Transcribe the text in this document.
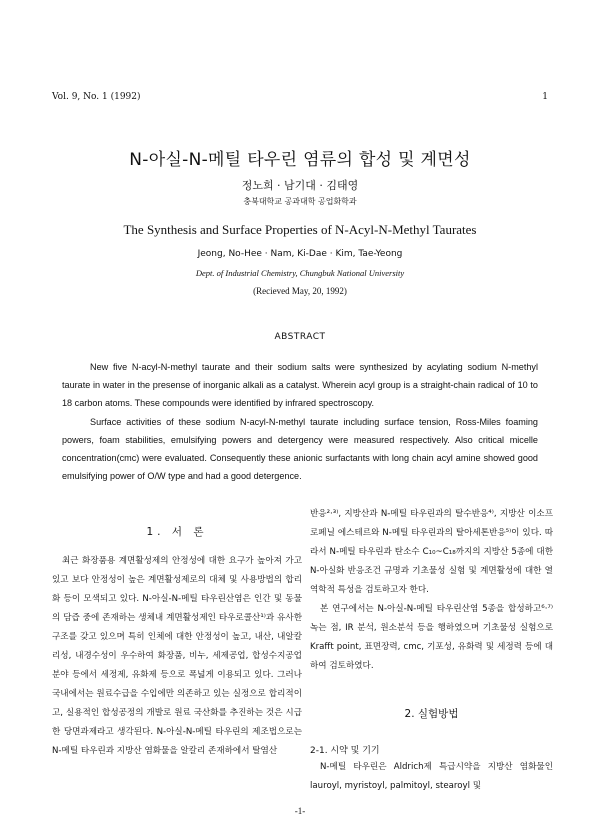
Vol. 9, No. 1 (1992)	1
N-아실-N-메틸 타우린 염류의 합성 및 계면성
정노희 · 남기대 · 김태영
충북대학교 공과대학 공업화학과
The Synthesis and Surface Properties of N-Acyl-N-Methyl Taurates
Jeong, No-Hee · Nam, Ki-Dae · Kim, Tae-Yeong
Dept. of Industrial Chemistry, Chungbuk National University
(Recieved May, 20, 1992)
ABSTRACT

New five N-acyl-N-methyl taurate and their sodium salts were synthesized by acylating sodium N-methyl taurate in water in the presense of inorganic alkali as a catalyst. Wherein acyl group is a straight-chain radical of 10 to 18 carbon atoms. These compounds were identified by infrared spectroscopy.

Surface activities of these sodium N-acyl-N-methyl taurate including surface tension, Ross-Miles foaming powers, foam stabilities, emulsifying powers and detergency were measured respectively. Also critical micelle concentration(cmc) were evaluated. Consequently these anionic surfactants with long chain acyl amine showed good emulsifying power of O/W type and had a good detergence.

1. 서 론

최근 화장품용 계면활성제의 안정성에 대한 요구가 높아져 가고 있고 보다 안정성이 높은 계면활성제로의 대체 및 사용방법의 합리화 등이 모색되고 있다. N-아실-N-메틸 타우린산염은 인간 및 동물의 담즙 중에 존재하는 생체내 계면활성제인 타우로콜산¹⁾과 유사한 구조를 갖고 있으며 특히 인체에 대한 안정성이 높고, 내산, 내알칼리성, 내경수성이 우수하여 화장품, 비누, 세제공업, 합성수지공업 분야 등에서 세정제, 유화제 등으로 폭넓게 이용되고 있다. 그러나 국내에서는 원료수급을 수입에만 의존하고 있는 실정으로 합리적이고, 실용적인 합성공정의 개발로 원료 국산화를 추진하는 것은 시급한 당면과제라고 생각된다. N-아실-N-메틸 타우린의 제조법으로는 N-메틸 타우린과 지방산 염화물을 알칼리 존재하에서 탈염산

반응²·³⁾, 지방산과 N-메틸 타우린과의 탈수반응⁴⁾, 지방산 이소프로페닐 에스테르와 N-메틸 타우린과의 탈아세톤반응⁵⁾이 있다. 따라서 N-메틸 타우린과 탄소수 C₁₀~C₁₈까지의 지방산 5종에 대한 N-아실화 반응조건 규명과 기초물성 실험 및 계면활성에 대한 열역학적 특성을 검토하고자 한다.

본 연구에서는 N-아실-N-메틸 타우린산염 5종을 합성하고⁶·⁷⁾ 녹는 점, IR 분석, 원소분석 등을 행하였으며 기초물성 실험으로 Krafft point, 표면장력, cmc, 기포성, 유화력 및 세정력 등에 대하여 검토하였다.

2. 실험방법
2-1. 시약 및 기기

N-메틸 타우린은 Aldrich제 특급시약을 지방산 염화물인 lauroyl, myristoyl, palmitoyl, stearoyl 및

-1-
